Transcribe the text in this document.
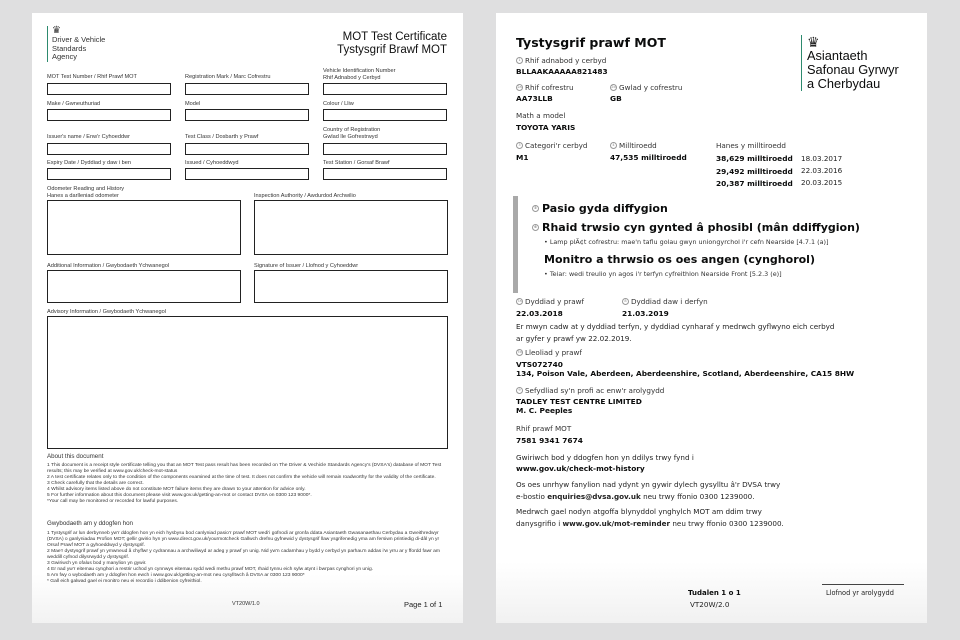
♛
Driver & Vehicle
Standards
Agency
MOT Test Certificate
Tystysgrif Brawf MOT
MOT Test Number / Rhif Prawf MOT	Registration Mark / Marc Cofrestru
Vehicle Identification Number
Rhif Adnabod y Cerbyd
Make / Gwneuthuriad	Model	Colour / Lliw
Issuer's name / Enw'r Cyhoeddwr	Test Class / Dosbarth y Prawf
Country of Registration
Gwlad lle Gofrestrwyd
Expiry Date / Dyddiad y daw i ben	Issued / Cyhoeddwyd	Test Station / Gorsaf Brawf
Odometer Reading and History
Hanes a darlleniad odometer	Inspection Authority / Awdurdod Archwilio
Additional Information / Gwybodaeth Ychwanegol	Signature of Issuer / Llofnod y Cyhoeddwr
Advisory Information / Gwybodaeth Ychwanegol
About this document
1 This document is a receipt style certificate telling you that an MOT Test pass result has been recorded on The Driver & Vechicle Standards Agency's (DVSA's) database of MOT Test results; this may be verified at www.gov.uk/check-mot-status
2 A test certificate relates only to the condition of the components examined at the time of test. It does not confirm the vehicle will remain roadworthy for the validity of the certificate.
3 Check carefully that the details are correct.
4 Whilst advisory items listed above do not constitute MOT failure items they are drawn to your attention for advice only.
5 For further information about this document please visit www.gov.uk/getting-an-mot or contact DVSA on 0300 123 9000*.
*Your call may be monitored or recorded for lawful purposes.
Gwybodaeth am y ddogfen hon
1 Tystysgrif ar lun derbynneb yw'r ddogfen hon yn eich hysbysu bod canlyniad pasio'r prawf MOT wedi'i gofnodi ar gronfa ddata Asiantaeth Gwasanaethau Cerbydau a Gweithredwyr (DVSA) o ganlyniadau Profion MOT; gellir gwirio hyn yn www.direct.gov.uk/yourmotcheck Gallwch drefnu gyfnewid y dystysgrif llaw ysgrifenedig yma am fersiwn printiedig di-dâl yn yr Orsaf Prawf MOT a gyhoeddwyd y dystysgrif.
2 Mae'r dystysgrif prawf yn ymwneud â chyflwr y cydrannau a archwiliwyd ar adeg y prawf yn unig. Nid yw'n cadarnhau y bydd y cerbyd yn parhau'n addas i'w yrru ar y ffordd fawr am weddill cyfnod dilysrwydd y dystysgrif.
3 Gwiriwch yn ofalus bod y manylion yn gywir.
4 Er nad yw'r eitemau cynghori a restrir uchod yn cynnwys eitemau sydd wedi methu prawf MOT, rhaid tynnu eich sylw atynt i bwrpas cynghori yn unig.
5 Am fwy o wybodaeth am y ddogfen hon ewch i www.gov.uk/getting-an-mot neu cysylltwch â DVSA ar 0300 123 9000*
* Gall eich galwad gael ei monitro neu ei recordio i ddibenion cyfreithiol.
VT20W/1.0	Page 1 of 1
Tystysgrif prawf MOT	♛
Asiantaeth
Safonau Gyrwyr
a Cherbydau
1 Rhif adnabod y cerbyd
BLLAAKAAAAA821483
2a Rhif cofrestru
AA73LLB
2b Gwlad y cofrestru
GB
Math a model
TOYOTA YARIS
3 Categori'r cerbyd
M1
4 Milltiroedd
47,535 milltiroedd
Hanes y milltiroedd
38,629 milltiroedd 18.03.2017
29,492 milltiroedd 22.03.2016
20,387 milltiroedd 20.03.2015
5 Pasio gyda diffygion
6 Rhaid trwsio cyn gynted â phosibl (mân ddiffygion)
• Lamp plÃ¢t cofrestru: mae'n taflu golau gwyn uniongyrchol i'r cefn Nearside [4.7.1 (a)]
Monitro a thrwsio os oes angen (cynghorol)
• Teiar: wedi treulio yn agos i'r terfyn cyfreithlon Nearside Front [5.2.3 (e)]
7a Dyddiad y prawf
22.03.2018
8 Dyddiad daw i derfyn
21.03.2019
Er mwyn cadw at y dyddiad terfyn, y dyddiad cynharaf y medrwch gyflwyno eich cerbyd
ar gyfer y prawf yw 22.02.2019.
7b Lleoliad y prawf
VTS072740
134, Poison Vale, Aberdeen, Aberdeenshire, Scotland, Aberdeenshire, CA15 8HW
9 Sefydliad sy'n profi ac enw'r arolygydd
TADLEY TEST CENTRE LIMITED
M. C. Peeples
Rhif prawf MOT
7581 9341 7674
Gwiriwch bod y ddogfen hon yn ddilys trwy fynd i
www.gov.uk/check-mot-history
Os oes unrhyw fanylion nad ydynt yn gywir dylech gysylltu â'r DVSA trwy
e-bostio enquiries@dvsa.gov.uk neu trwy ffonio 0300 1239000.
Medrwch gael nodyn atgoffa blynyddol ynghylch MOT am ddim trwy
danysgrifio i www.gov.uk/mot-reminder neu trwy ffonio 0300 1239000.
Tudalen 1 o 1
VT20W/2.0
Llofnod yr arolygydd
